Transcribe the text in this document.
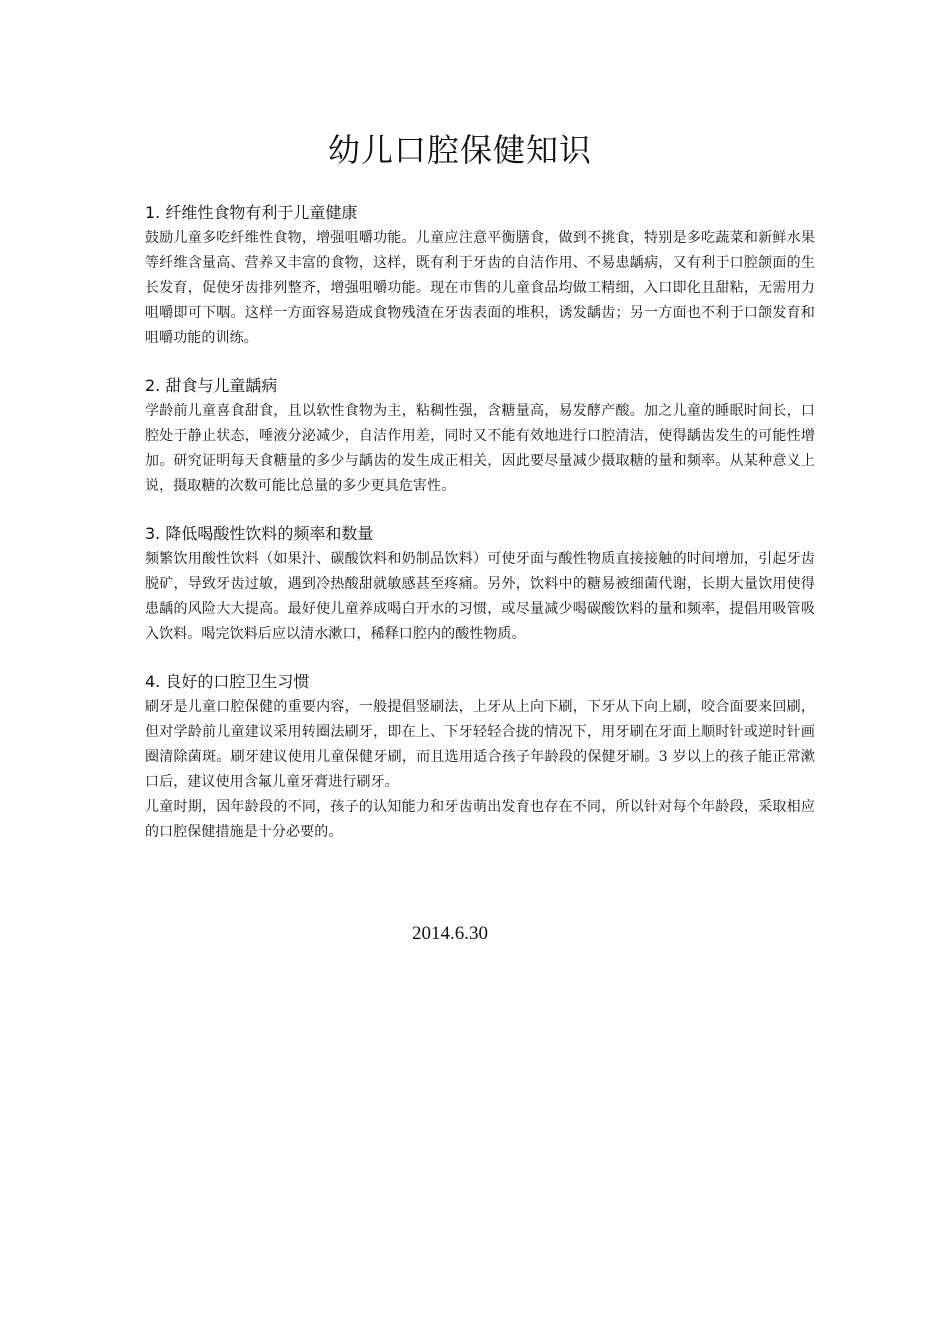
幼儿口腔保健知识
1. 纤维性食物有利于儿童健康

鼓励儿童多吃纤维性食物，增强咀嚼功能。儿童应注意平衡膳食，做到不挑食，特别是多吃蔬菜和新鲜水果等纤维含量高、营养又丰富的食物，这样，既有利于牙齿的自洁作用、不易患龋病，又有利于口腔颌面的生长发育，促使牙齿排列整齐，增强咀嚼功能。现在市售的儿童食品均做工精细，入口即化且甜粘，无需用力咀嚼即可下咽。这样一方面容易造成食物残渣在牙齿表面的堆积，诱发龋齿；另一方面也不利于口颌发育和咀嚼功能的训练。

2. 甜食与儿童龋病

学龄前儿童喜食甜食，且以软性食物为主，粘稠性强，含糖量高，易发酵产酸。加之儿童的睡眠时间长，口腔处于静止状态，唾液分泌减少，自洁作用差，同时又不能有效地进行口腔清洁，使得龋齿发生的可能性增加。研究证明每天食糖量的多少与龋齿的发生成正相关，因此要尽量减少摄取糖的量和频率。从某种意义上说，摄取糖的次数可能比总量的多少更具危害性。

3. 降低喝酸性饮料的频率和数量

频繁饮用酸性饮料（如果汁、碳酸饮料和奶制品饮料）可使牙面与酸性物质直接接触的时间增加，引起牙齿脱矿，导致牙齿过敏，遇到冷热酸甜就敏感甚至疼痛。另外，饮料中的糖易被细菌代谢，长期大量饮用使得患龋的风险大大提高。最好使儿童养成喝白开水的习惯，或尽量减少喝碳酸饮料的量和频率，提倡用吸管吸入饮料。喝完饮料后应以清水漱口，稀释口腔内的酸性物质。

4. 良好的口腔卫生习惯

刷牙是儿童口腔保健的重要内容，一般提倡竖刷法，上牙从上向下刷，下牙从下向上刷，咬合面要来回刷，但对学龄前儿童建议采用转圈法刷牙，即在上、下牙轻轻合拢的情况下，用牙刷在牙面上顺时针或逆时针画圈清除菌斑。刷牙建议使用儿童保健牙刷，而且选用适合孩子年龄段的保健牙刷。3 岁以上的孩子能正常漱口后，建议使用含氟儿童牙膏进行刷牙。

儿童时期，因年龄段的不同，孩子的认知能力和牙齿萌出发育也存在不同，所以针对每个年龄段，采取相应的口腔保健措施是十分必要的。

2014.6.30
